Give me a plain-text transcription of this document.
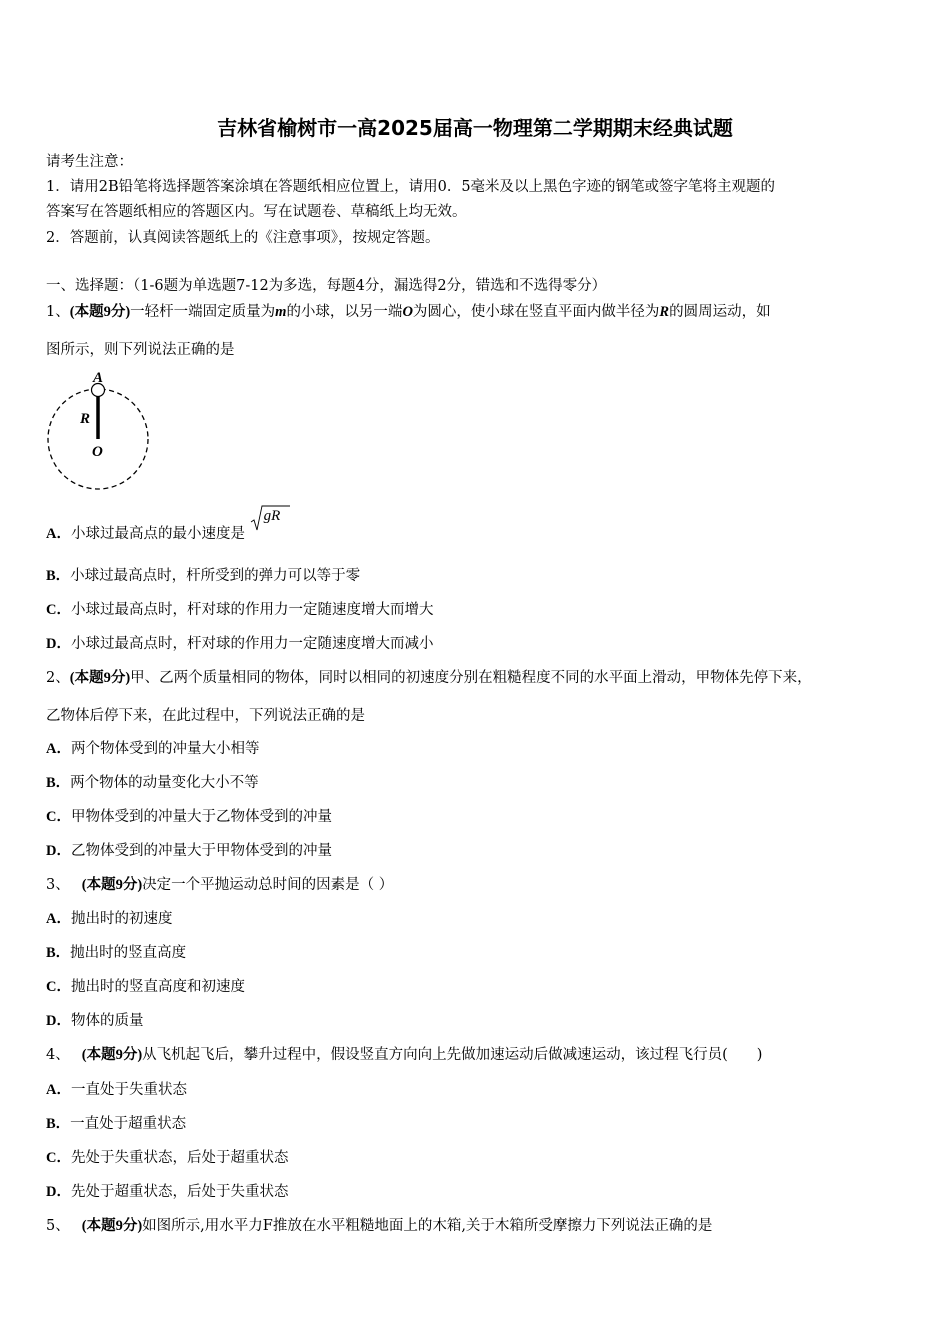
吉林省榆树市一高2025届高一物理第二学期期末经典试题
请考生注意：
1．请用2B铅笔将选择题答案涂填在答题纸相应位置上，请用0．5毫米及以上黑色字迹的钢笔或签字笔将主观题的
答案写在答题纸相应的答题区内。写在试题卷、草稿纸上均无效。
2．答题前，认真阅读答题纸上的《注意事项》，按规定答题。
一、选择题：（1-6题为单选题7-12为多选，每题4分，漏选得2分，错选和不选得零分）
1、(本题9分)一轻杆一端固定质量为m的小球，以另一端O为圆心，使小球在竖直平面内做半径为R的圆周运动，如
图所示，则下列说法正确的是
A
R
O
A．小球过最高点的最小速度是
gR
B．小球过最高点时，杆所受到的弹力可以等于零
C．小球过最高点时，杆对球的作用力一定随速度增大而增大
D．小球过最高点时，杆对球的作用力一定随速度增大而减小
2、(本题9分)甲、乙两个质量相同的物体，同时以相同的初速度分别在粗糙程度不同的水平面上滑动，甲物体先停下来，
乙物体后停下来，在此过程中，下列说法正确的是
A．两个物体受到的冲量大小相等
B．两个物体的动量变化大小不等
C．甲物体受到的冲量大于乙物体受到的冲量
D．乙物体受到的冲量大于甲物体受到的冲量
3、 (本题9分)决定一个平抛运动总时间的因素是（ ）
A．抛出时的初速度
B．抛出时的竖直高度
C．抛出时的竖直高度和初速度
D．物体的质量
4、 (本题9分)从飞机起飞后，攀升过程中，假设竖直方向向上先做加速运动后做减速运动，该过程飞行员(　　)
A．一直处于失重状态
B．一直处于超重状态
C．先处于失重状态，后处于超重状态
D．先处于超重状态，后处于失重状态
5、 (本题9分)如图所示,用水平力F推放在水平粗糙地面上的木箱,关于木箱所受摩擦力下列说法正确的是
